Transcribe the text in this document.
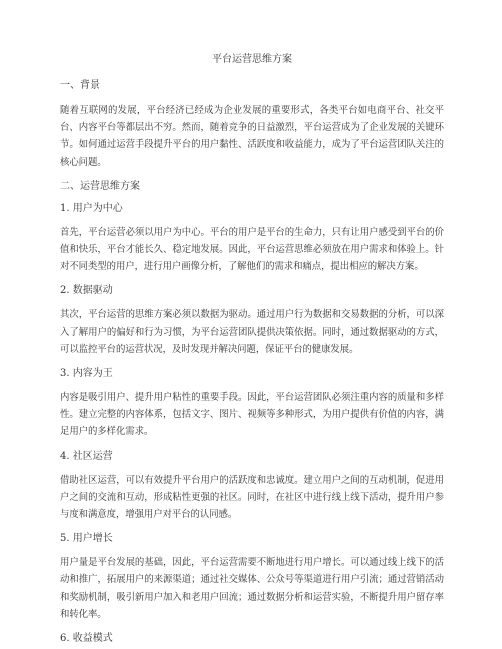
平台运营思维方案
一、背景

随着互联网的发展，平台经济已经成为企业发展的重要形式，各类平台如电商平台、社交平台、内容平台等都层出不穷。然而，随着竞争的日益激烈，平台运营成为了企业发展的关键环节。如何通过运营手段提升平台的用户黏性、活跃度和收益能力，成为了平台运营团队关注的核心问题。

二、运营思维方案
1. 用户为中心

首先，平台运营必须以用户为中心。平台的用户是平台的生命力，只有让用户感受到平台的价值和快乐，平台才能长久、稳定地发展。因此，平台运营思维必须放在用户需求和体验上。针对不同类型的用户，进行用户画像分析，了解他们的需求和痛点，提出相应的解决方案。

2. 数据驱动

其次，平台运营的思维方案必须以数据为驱动。通过用户行为数据和交易数据的分析，可以深入了解用户的偏好和行为习惯，为平台运营团队提供决策依据。同时，通过数据驱动的方式，可以监控平台的运营状况，及时发现并解决问题，保证平台的健康发展。

3. 内容为王

内容是吸引用户、提升用户粘性的重要手段。因此，平台运营团队必须注重内容的质量和多样性。建立完整的内容体系，包括文字、图片、视频等多种形式，为用户提供有价值的内容，满足用户的多样化需求。

4. 社区运营

借助社区运营，可以有效提升平台用户的活跃度和忠诚度。建立用户之间的互动机制，促进用户之间的交流和互动，形成粘性更强的社区。同时，在社区中进行线上线下活动，提升用户参与度和满意度，增强用户对平台的认同感。

5. 用户增长

用户量是平台发展的基础，因此，平台运营需要不断地进行用户增长。可以通过线上线下的活动和推广，拓展用户的来源渠道；通过社交媒体、公众号等渠道进行用户引流；通过营销活动和奖励机制，吸引新用户加入和老用户回流；通过数据分析和运营实验，不断提升用户留存率和转化率。

6. 收益模式
